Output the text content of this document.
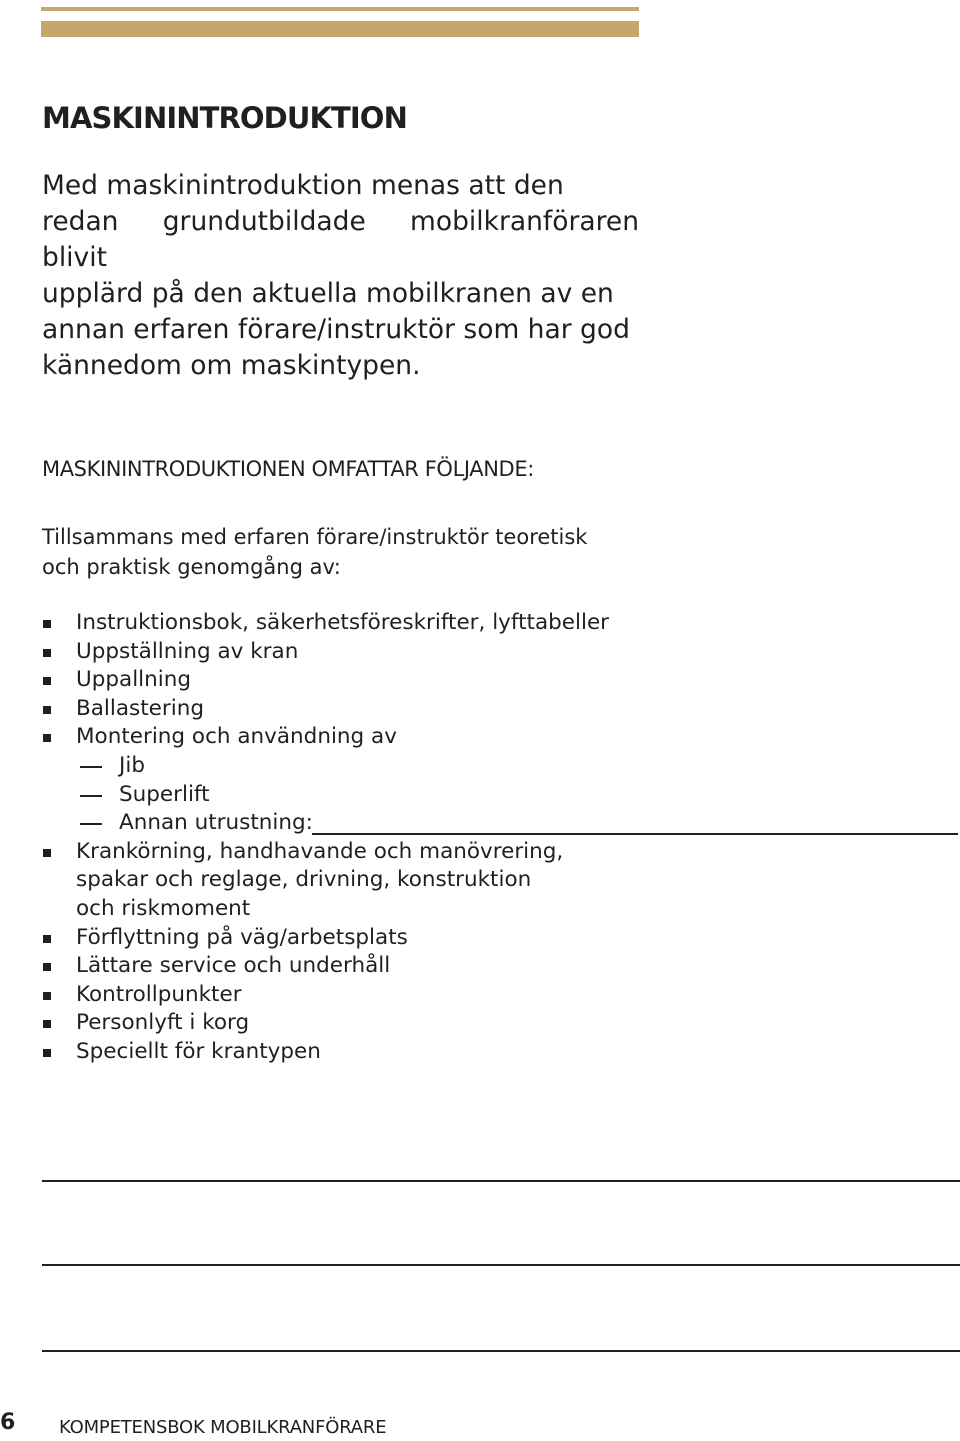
MASKININTRODUKTION
Med maskinintroduktion menas att den
redan grundutbildade mobilkranföraren blivit
upplärd på den aktuella mobilkranen av en
annan erfaren förare/instruktör som har god
kännedom om maskintypen.
MASKININTRODUKTIONEN OMFATTAR FÖLJANDE:
Tillsammans med erfaren förare/instruktör teoretisk
och praktisk genomgång av:
Instruktionsbok, säkerhetsföreskrifter, lyfttabeller
Uppställning av kran
Uppallning
Ballastering
Montering och användning av
Jib
Superlift
Annan utrustning:
Krankörning, handhavande och manövrering,
spakar och reglage, drivning, konstruktion
och riskmoment
Förflyttning på väg/arbetsplats
Lättare service och underhåll
Kontrollpunkter
Personlyft i korg
Speciellt för krantypen
6 KOMPETENSBOK MOBILKRANFÖRARE
